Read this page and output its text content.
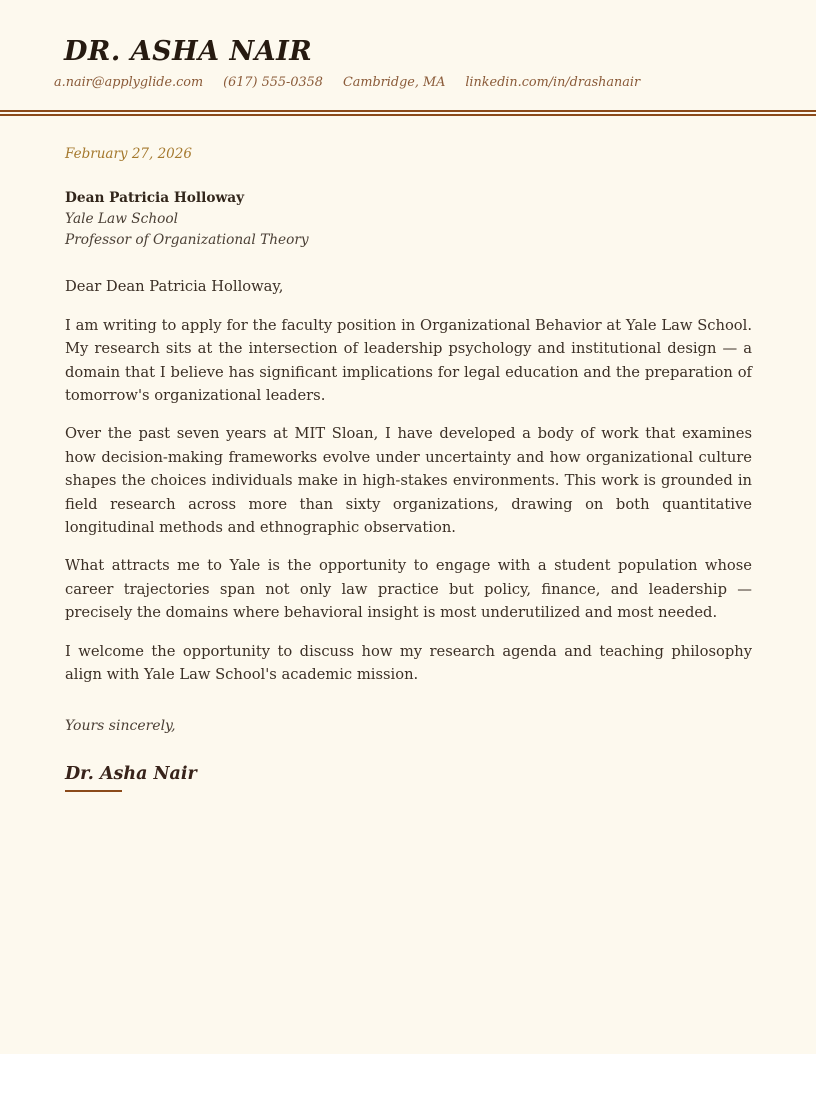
DR. ASHA NAIR
a.nair@applyglide.com (617) 555-0358 Cambridge, MA linkedin.com/in/drashanair

February 27, 2026

Dean Patricia Holloway

Yale Law School

Professor of Organizational Theory

Dear Dean Patricia Holloway,

I am writing to apply for the faculty position in Organizational Behavior at Yale Law School. My research sits at the intersection of leadership psychology and institutional design — a domain that I believe has significant implications for legal education and the preparation of tomorrow's organizational leaders.

Over the past seven years at MIT Sloan, I have developed a body of work that examines how decision-making frameworks evolve under uncertainty and how organizational culture shapes the choices individuals make in high-stakes environments. This work is grounded in field research across more than sixty organizations, drawing on both quantitative longitudinal methods and ethnographic observation.

What attracts me to Yale is the opportunity to engage with a student population whose career trajectories span not only law practice but policy, finance, and leadership — precisely the domains where behavioral insight is most underutilized and most needed.

I welcome the opportunity to discuss how my research agenda and teaching philosophy align with Yale Law School's academic mission.

Yours sincerely,

Dr. Asha Nair
